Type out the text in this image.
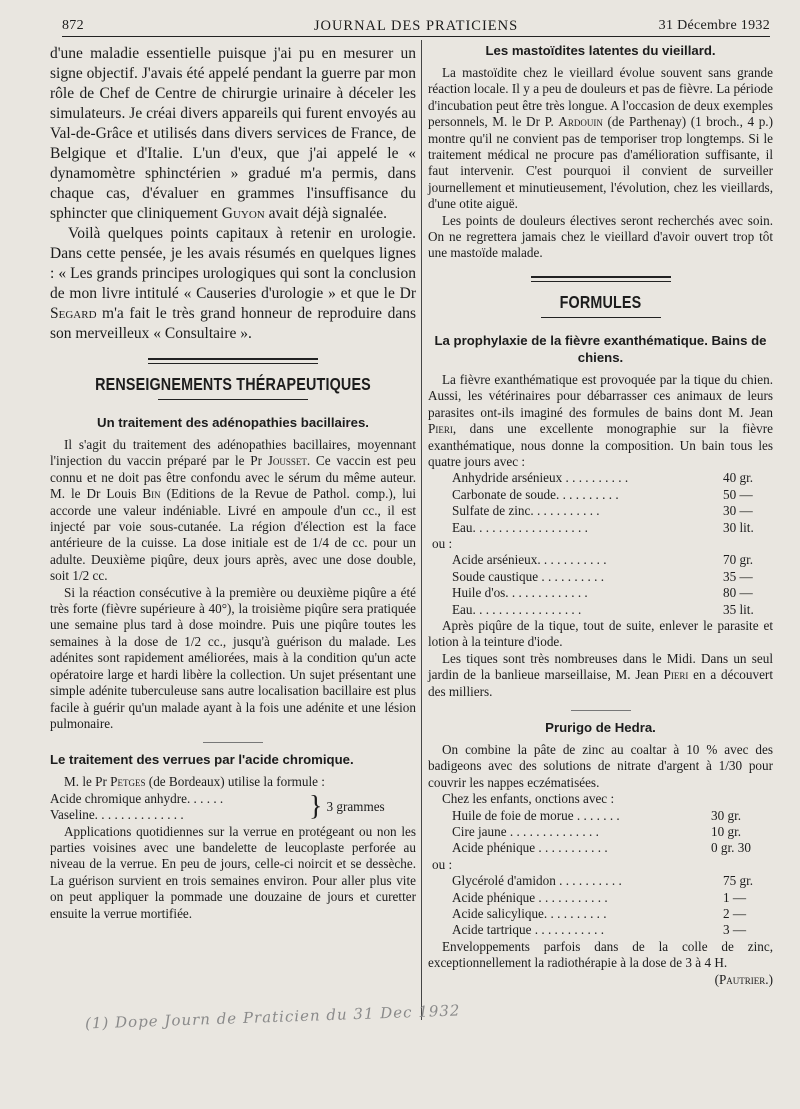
872	JOURNAL DES PRATICIENS	31 Décembre 1932

d'une maladie essentielle puisque j'ai pu en mesurer un signe objectif. J'avais été appelé pendant la guerre par mon rôle de Chef de Centre de chirurgie urinaire à déceler les simulateurs. Je créai divers appareils qui furent envoyés au Val-de-Grâce et utilisés dans divers services de France, de Belgique et d'Italie. L'un d'eux, que j'ai appelé le « dynamomètre sphinctérien » gradué m'a permis, dans chaque cas, d'évaluer en grammes l'insuffisance du sphincter que cliniquement Guyon avait déjà signalée.

Voilà quelques points capitaux à retenir en urologie. Dans cette pensée, je les avais résumés en quelques lignes : « Les grands principes urologiques qui sont la conclusion de mon livre intitulé « Causeries d'urologie » et que le Dr Segard m'a fait le très grand honneur de reproduire dans son merveilleux « Consultaire ».

RENSEIGNEMENTS THÉRAPEUTIQUES
Un traitement des adénopathies bacillaires.

Il s'agit du traitement des adénopathies bacillaires, moyennant l'injection du vaccin préparé par le Pr Jousset. Ce vaccin est peu connu et ne doit pas être confondu avec le sérum du même auteur. M. le Dr Louis Bin (Editions de la Revue de Pathol. comp.), lui accorde une valeur indéniable. Livré en ampoule d'un cc., il est injecté par voie sous-cutanée. La région d'élection est la face antérieure de la cuisse. La dose initiale est de 1/4 de cc. pour un adulte. Deuxième piqûre, deux jours après, avec une dose double, soit 1/2 cc.

Si la réaction consécutive à la première ou deuxième piqûre a été très forte (fièvre supérieure à 40°), la troisième piqûre sera pratiquée une semaine plus tard à dose moindre. Puis une piqûre toutes les semaines à la dose de 1/2 cc., jusqu'à guérison du malade. Les adénites sont rapidement améliorées, mais à la condition qu'un acte opératoire large et hardi libère la collection. Un sujet présentant une simple adénite tuberculeuse sans autre localisation bacillaire est plus facile à guérir qu'un malade ayant à la fois une adénite et une lésion pulmonaire.

Le traitement des verrues par l'acide chromique.

M. le Pr Petges (de Bordeaux) utilise la formule :

Acide chromique anhydre. . . . . .
Vaseline. . . . . . . . . . . . . .	} 3 grammes

Applications quotidiennes sur la verrue en protégeant ou non les parties voisines avec une bandelette de leucoplaste perforée au niveau de la verrue. En peu de jours, celle-ci noircit et se dessèche. La guérison survient en trois semaines environ. Pour aller plus vite on peut appliquer la pommade une douzaine de jours et curetter ensuite la verrue mortifiée.

Les mastoïdites latentes du vieillard.

La mastoïdite chez le vieillard évolue souvent sans grande réaction locale. Il y a peu de douleurs et pas de fièvre. La période d'incubation peut être très longue. A l'occasion de deux exemples personnels, M. le Dr P. Ardouin (de Parthenay) (1 broch., 4 p.) montre qu'il ne convient pas de temporiser trop longtemps. Si le traitement médical ne procure pas d'amélioration suffisante, il faut intervenir. C'est pourquoi il convient de surveiller journellement et minutieusement, l'évolution, chez les vieillards, d'une otite aiguë.

Les points de douleurs électives seront recherchés avec soin. On ne regrettera jamais chez le vieillard d'avoir ouvert trop tôt une mastoïde malade.

FORMULES
La prophylaxie de la fièvre exanthématique. Bains de chiens.

La fièvre exanthématique est provoquée par la tique du chien. Aussi, les vétérinaires pour débarrasser ces animaux de leurs parasites ont-ils imaginé des formules de bains dont M. Jean Pieri, dans une excellente monographie sur la fièvre exanthématique, nous donne la composition. Un bain tous les quatre jours avec :

Anhydride arsénieux . . . . . . . . . .	40 gr.
Carbonate de soude. . . . . . . . . .	50 —
Sulfate de zinc. . . . . . . . . . .	30 —
Eau. . . . . . . . . . . . . . . . . .	30 lit.
ou :
Acide arsénieux. . . . . . . . . . .	70 gr.
Soude caustique . . . . . . . . . .	35 —
Huile d'os. . . . . . . . . . . . .	80 —
Eau. . . . . . . . . . . . . . . . .	35 lit.

Après piqûre de la tique, tout de suite, enlever le parasite et lotion à la teinture d'iode.

Les tiques sont très nombreuses dans le Midi. Dans un seul jardin de la banlieue marseillaise, M. Jean Pieri en a découvert des milliers.

Prurigo de Hedra.

On combine la pâte de zinc au coaltar à 10 % avec des badigeons avec des solutions de nitrate d'argent à 1/30 pour couvrir les nappes eczématisées.

Chez les enfants, onctions avec :

Huile de foie de morue . . . . . . .	30 gr.
Cire jaune . . . . . . . . . . . . . .	10 gr.
Acide phénique . . . . . . . . . . .	0 gr. 30
ou :
Glycérolé d'amidon . . . . . . . . . .	75 gr.
Acide phénique . . . . . . . . . . .	1 —
Acide salicylique. . . . . . . . . .	2 —
Acide tartrique . . . . . . . . . . .	3 —

Enveloppements parfois dans de la colle de zinc, exceptionnellement la radiothérapie à la dose de 3 à 4 H.

(Pautrier.)
(1) Dope Journ de Praticien du 31 Dec 1932
